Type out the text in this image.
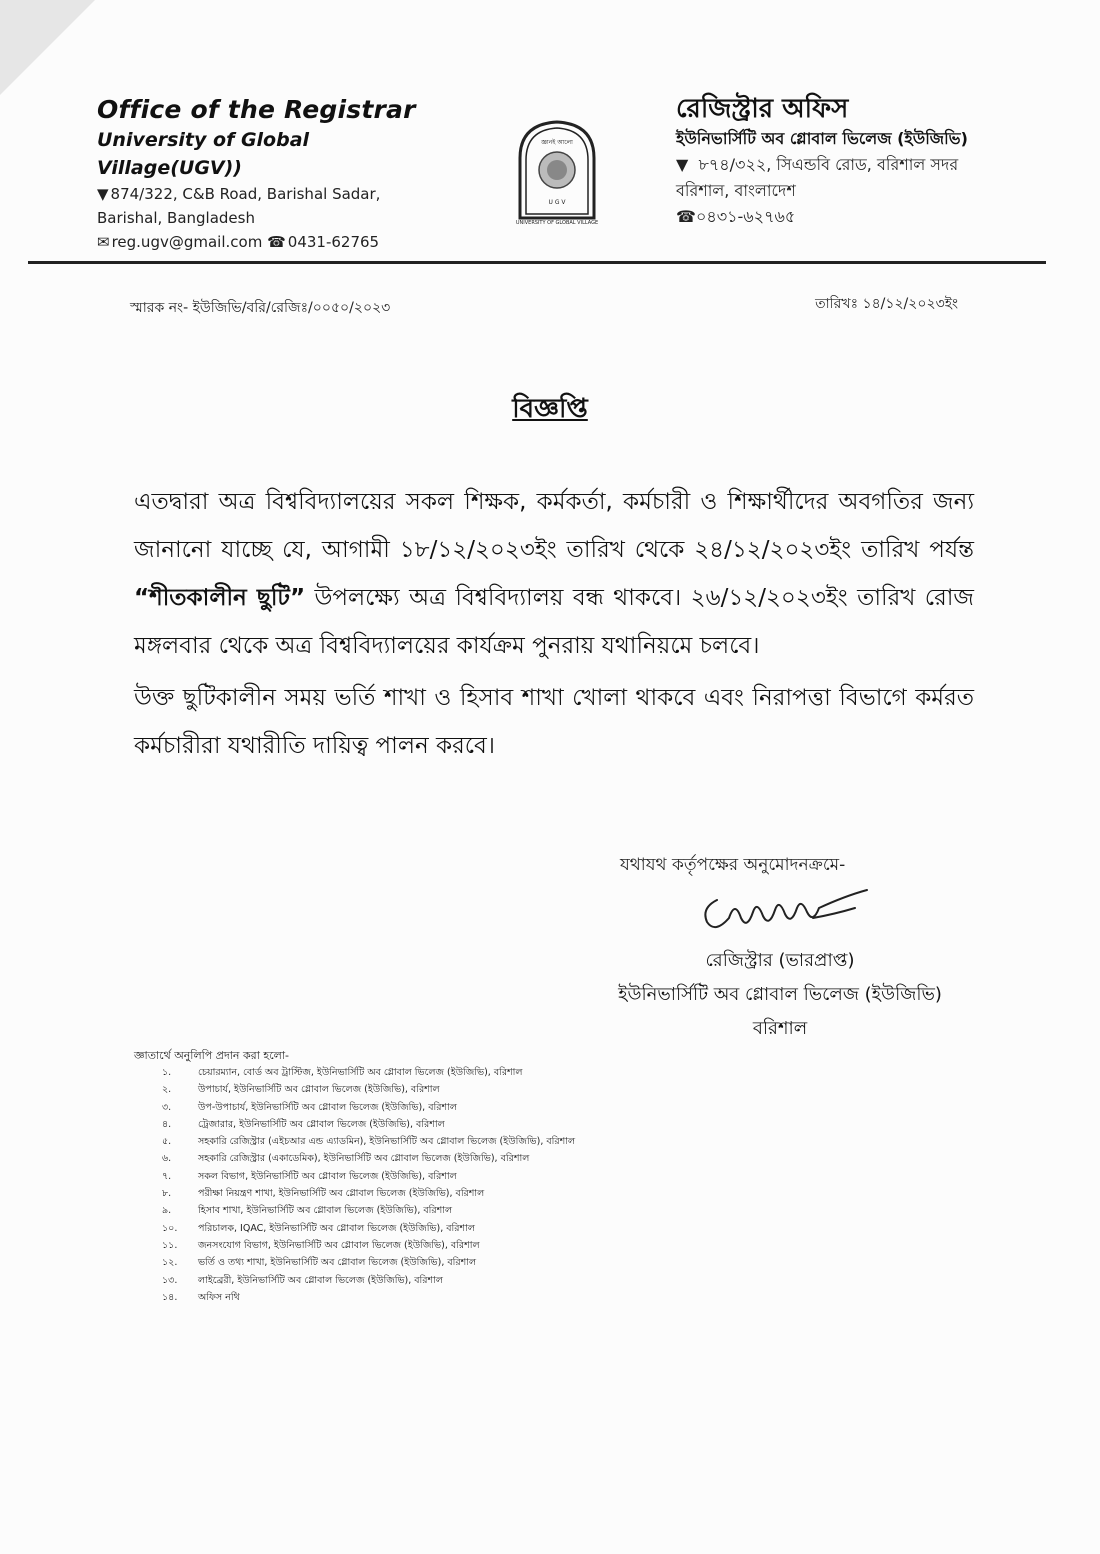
Office of the Registrar
University of Global Village(UGV))
▼ 874/322, C&B Road, Barishal Sadar,
Barishal, Bangladesh
✉ reg.ugv@gmail.com ☎ 0431-62765
জ্ঞানই আলো
U G V
UNIVERSITY OF GLOBAL VILLAGE
রেজিস্ট্রার অফিস
ইউনিভার্সিটি অব গ্লোবাল ভিলেজ (ইউজিভি)
▼ ৮৭৪/৩২২, সিএন্ডবি রোড, বরিশাল সদর
বরিশাল, বাংলাদেশ
☎০৪৩১-৬২৭৬৫
স্মারক নং- ইউজিভি/বরি/রেজিঃ/০০৫০/২০২৩	তারিখঃ ১৪/১২/২০২৩ইং
বিজ্ঞপ্তি

এতদ্বারা অত্র বিশ্ববিদ্যালয়ের সকল শিক্ষক, কর্মকর্তা, কর্মচারী ও শিক্ষার্থীদের অবগতির জন্য জানানো যাচ্ছে যে, আগামী ১৮/১২/২০২৩ইং তারিখ থেকে ২৪/১২/২০২৩ইং তারিখ পর্যন্ত “শীতকালীন ছুটি” উপলক্ষ্যে অত্র বিশ্ববিদ্যালয় বন্ধ থাকবে। ২৬/১২/২০২৩ইং তারিখ রোজ মঙ্গলবার থেকে অত্র বিশ্ববিদ্যালয়ের কার্যক্রম পুনরায় যথানিয়মে চলবে।

উক্ত ছুটিকালীন সময় ভর্তি শাখা ও হিসাব শাখা খোলা থাকবে এবং নিরাপত্তা বিভাগে কর্মরত কর্মচারীরা যথারীতি দায়িত্ব পালন করবে।

যথাযথ কর্তৃপক্ষের অনুমোদনক্রমে-
রেজিস্ট্রার (ভারপ্রাপ্ত)
ইউনিভার্সিটি অব গ্লোবাল ভিলেজ (ইউজিভি)
বরিশাল
জ্ঞাতার্থে অনুলিপি প্রদান করা হলো-
১.	চেয়ারম্যান, বোর্ড অব ট্রাস্টিজ, ইউনিভার্সিটি অব গ্লোবাল ভিলেজ (ইউজিভি), বরিশাল
২.	উপাচার্য, ইউনিভার্সিটি অব গ্লোবাল ভিলেজ (ইউজিভি), বরিশাল
৩.	উপ-উপাচার্য, ইউনিভার্সিটি অব গ্লোবাল ভিলেজ (ইউজিভি), বরিশাল
৪.	ট্রেজারার, ইউনিভার্সিটি অব গ্লোবাল ভিলেজ (ইউজিভি), বরিশাল
৫.	সহকারি রেজিস্ট্রার (এইচআর এন্ড এ্যাডমিন), ইউনিভার্সিটি অব গ্লোবাল ভিলেজ (ইউজিভি), বরিশাল
৬.	সহকারি রেজিস্ট্রার (একাডেমিক), ইউনিভার্সিটি অব গ্লোবাল ভিলেজ (ইউজিভি), বরিশাল
৭.	সকল বিভাগ, ইউনিভার্সিটি অব গ্লোবাল ভিলেজ (ইউজিভি), বরিশাল
৮.	পরীক্ষা নিয়ন্ত্রণ শাখা, ইউনিভার্সিটি অব গ্লোবাল ভিলেজ (ইউজিভি), বরিশাল
৯.	হিসাব শাখা, ইউনিভার্সিটি অব গ্লোবাল ভিলেজ (ইউজিভি), বরিশাল
১০.	পরিচালক, IQAC, ইউনিভার্সিটি অব গ্লোবাল ভিলেজ (ইউজিভি), বরিশাল
১১.	জনসংযোগ বিভাগ, ইউনিভার্সিটি অব গ্লোবাল ভিলেজ (ইউজিভি), বরিশাল
১২.	ভর্তি ও তথ্য শাখা, ইউনিভার্সিটি অব গ্লোবাল ভিলেজ (ইউজিভি), বরিশাল
১৩.	লাইব্রেরী, ইউনিভার্সিটি অব গ্লোবাল ভিলেজ (ইউজিভি), বরিশাল
১৪.	অফিস নথি
